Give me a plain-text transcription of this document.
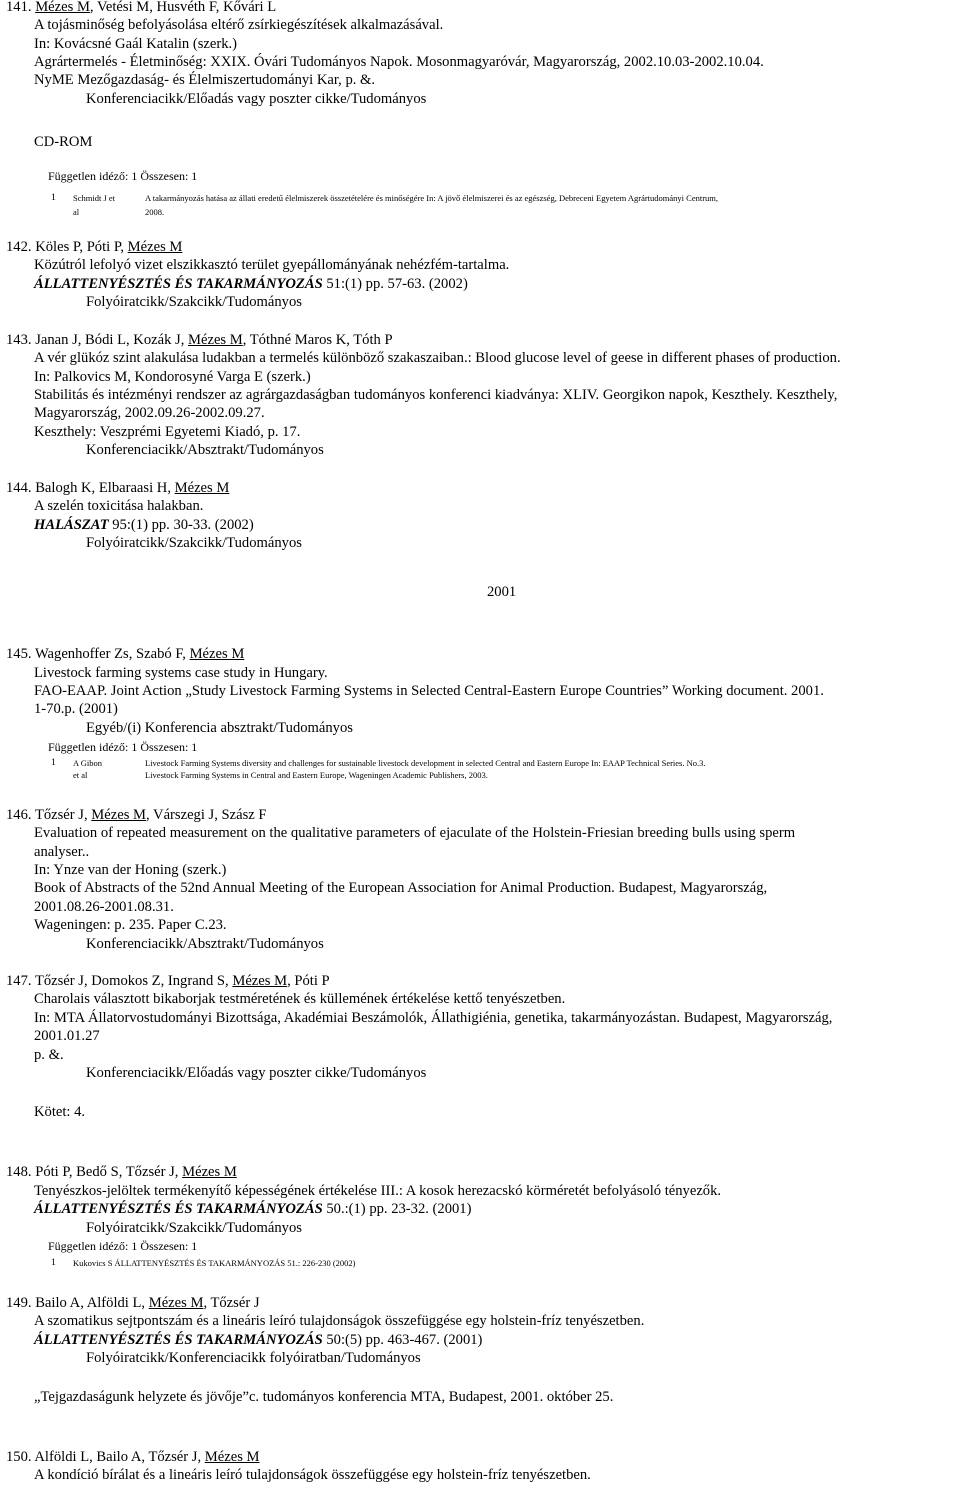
141. Mézes M, Vetési M, Husvéth F, Kővári L
A tojásminőség befolyásolása eltérő zsírkiegészítések alkalmazásával.
In: Kovácsné Gaál Katalin (szerk.)
Agrártermelés - Életminőség: XXIX. Óvári Tudományos Napok. Mosonmagyaróvár, Magyarország, 2002.10.03-2002.10.04.
NyME Mezőgazdaság- és Élelmiszertudományi Kar, p. &.
Konferenciacikk/Előadás vagy poszter cikke/Tudományos
CD-ROM
Független idéző: 1 Összesen: 1
1 Schmidt J et
al
A takarmányozás hatása az állati eredetű élelmiszerek összetételére és minőségére In: A jövő élelmiszerei és az egészség, Debreceni Egyetem Agrártudományi Centrum,
2008.
142. Köles P, Póti P, Mézes M
Közútról lefolyó vizet elszikkasztó terület gyepállományának nehézfém-tartalma.
ÁLLATTENYÉSZTÉS ÉS TAKARMÁNYOZÁS 51:(1) pp. 57-63. (2002)
Folyóiratcikk/Szakcikk/Tudományos
143. Janan J, Bódi L, Kozák J, Mézes M, Tóthné Maros K, Tóth P
A vér glükóz szint alakulása ludakban a termelés különböző szakaszaiban.: Blood glucose level of geese in different phases of production.
In: Palkovics M, Kondorosyné Varga E (szerk.)
Stabilitás és intézményi rendszer az agrárgazdaságban tudományos konferenci kiadványa: XLIV. Georgikon napok, Keszthely. Keszthely,
Magyarország, 2002.09.26-2002.09.27.
Keszthely: Veszprémi Egyetemi Kiadó, p. 17.
Konferenciacikk/Absztrakt/Tudományos
144. Balogh K, Elbaraasi H, Mézes M
A szelén toxicitása halakban.
HALÁSZAT 95:(1) pp. 30-33. (2002)
Folyóiratcikk/Szakcikk/Tudományos
2001
145. Wagenhoffer Zs, Szabó F, Mézes M
Livestock farming systems case study in Hungary.
FAO-EAAP. Joint Action „Study Livestock Farming Systems in Selected Central-Eastern Europe Countries” Working document. 2001.
1-70.p. (2001)
Egyéb/(i) Konferencia absztrakt/Tudományos
Független idéző: 1 Összesen: 1
1 A Gibon
et al
Livestock Farming Systems diversity and challenges for sustainable livestock development in selected Central and Eastern Europe In: EAAP Technical Series. No.3.
Livestock Farming Systems in Central and Eastern Europe, Wageningen Academic Publishers, 2003.
146. Tőzsér J, Mézes M, Várszegi J, Szász F
Evaluation of repeated measurement on the qualitative parameters of ejaculate of the Holstein-Friesian breeding bulls using sperm
analyser..
In: Ynze van der Honing (szerk.)
Book of Abstracts of the 52nd Annual Meeting of the European Association for Animal Production. Budapest, Magyarország,
2001.08.26-2001.08.31.
Wageningen: p. 235. Paper C.23.
Konferenciacikk/Absztrakt/Tudományos
147. Tőzsér J, Domokos Z, Ingrand S, Mézes M, Póti P
Charolais választott bikaborjak testméretének és küllemének értékelése kettő tenyészetben.
In: MTA Állatorvostudományi Bizottsága, Akadémiai Beszámolók, Állathigiénia, genetika, takarmányozástan. Budapest, Magyarország,
2001.01.27
p. &.
Konferenciacikk/Előadás vagy poszter cikke/Tudományos
Kötet: 4.
148. Póti P, Bedő S, Tőzsér J, Mézes M
Tenyészkos-jelöltek termékenyítő képességének értékelése III.: A kosok herezacskó körméretét befolyásoló tényezők.
ÁLLATTENYÉSZTÉS ÉS TAKARMÁNYOZÁS 50.:(1) pp. 23-32. (2001)
Folyóiratcikk/Szakcikk/Tudományos
Független idéző: 1 Összesen: 1
1 Kukovics S ÁLLATTENYÉSZTÉS ÉS TAKARMÁNYOZÁS 51.: 226-230 (2002)
149. Bailo A, Alföldi L, Mézes M, Tőzsér J
A szomatikus sejtpontszám és a lineáris leíró tulajdonságok összefüggése egy holstein-fríz tenyészetben.
ÁLLATTENYÉSZTÉS ÉS TAKARMÁNYOZÁS 50:(5) pp. 463-467. (2001)
Folyóiratcikk/Konferenciacikk folyóiratban/Tudományos
„Tejgazdaságunk helyzete és jövője”c. tudományos konferencia MTA, Budapest, 2001. október 25.
150. Alföldi L, Bailo A, Tőzsér J, Mézes M
A kondíció bírálat és a lineáris leíró tulajdonságok összefüggése egy holstein-fríz tenyészetben.
